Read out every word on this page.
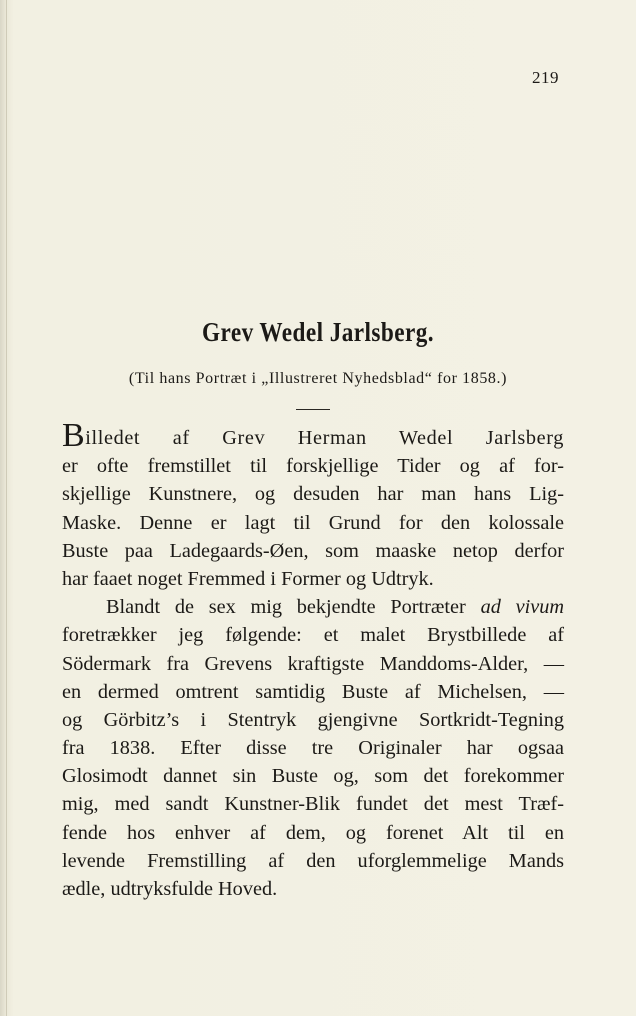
219
Grev Wedel Jarlsberg.
(Til hans Portræt i „Illustreret Nyhedsblad“ for 1858.)
Billedet af Grev Herman Wedel Jarlsberg
er ofte fremstillet til forskjellige Tider og af for-
skjellige Kunstnere, og desuden har man hans Lig-
Maske. Denne er lagt til Grund for den kolossale
Buste paa Ladegaards-Øen, som maaske netop derfor
har faaet noget Fremmed i Former og Udtryk.
Blandt de sex mig bekjendte Portræter ad vivum
foretrækker jeg følgende: et malet Brystbillede af
Södermark fra Grevens kraftigste Manddoms-Alder, —
en dermed omtrent samtidig Buste af Michelsen, —
og Görbitz’s i Stentryk gjengivne Sortkridt-Tegning
fra 1838. Efter disse tre Originaler har ogsaa
Glosimodt dannet sin Buste og, som det forekommer
mig, med sandt Kunstner-Blik fundet det mest Træf-
fende hos enhver af dem, og forenet Alt til en
levende Fremstilling af den uforglemmelige Mands
ædle, udtryksfulde Hoved.
